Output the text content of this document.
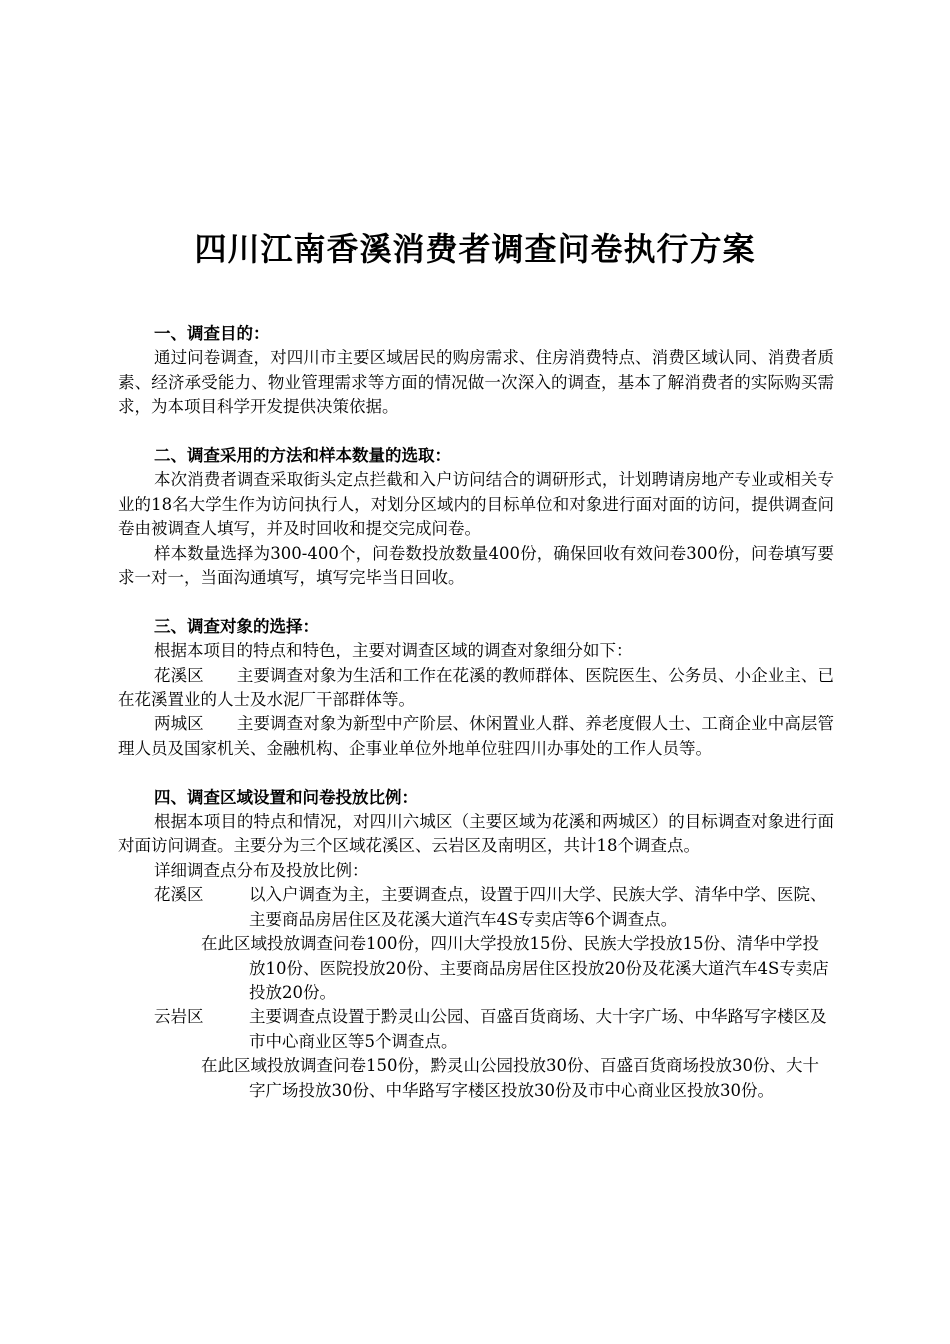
四川江南香溪消费者调查问卷执行方案

一、调查目的：

通过问卷调查，对四川市主要区域居民的购房需求、住房消费特点、消费区域认同、消费者质素、经济承受能力、物业管理需求等方面的情况做一次深入的调查，基本了解消费者的实际购买需求，为本项目科学开发提供决策依据。

二、调查采用的方法和样本数量的选取：

本次消费者调查采取街头定点拦截和入户访问结合的调研形式，计划聘请房地产专业或相关专业的18名大学生作为访问执行人，对划分区域内的目标单位和对象进行面对面的访问，提供调查问卷由被调查人填写，并及时回收和提交完成问卷。

样本数量选择为300-400个，问卷数投放数量400份，确保回收有效问卷300份，问卷填写要求一对一，当面沟通填写，填写完毕当日回收。

三、调查对象的选择：

根据本项目的特点和特色，主要对调查区域的调查对象细分如下：

花溪区   主要调查对象为生活和工作在花溪的教师群体、医院医生、公务员、小企业主、已在花溪置业的人士及水泥厂干部群体等。

两城区   主要调查对象为新型中产阶层、休闲置业人群、养老度假人士、工商企业中高层管理人员及国家机关、金融机构、企事业单位外地单位驻四川办事处的工作人员等。

四、调查区域设置和问卷投放比例：

根据本项目的特点和情况，对四川六城区（主要区域为花溪和两城区）的目标调查对象进行面对面访问调查。主要分为三个区域花溪区、云岩区及南明区，共计18个调查点。

详细调查点分布及投放比例：

花溪区	以入户调查为主，主要调查点，设置于四川大学、民族大学、清华中学、医院、主要商品房居住区及花溪大道汽车4S专卖店等6个调查点。

在此区域投放调查问卷100份，四川大学投放15份、民族大学投放15份、清华中学投放10份、医院投放20份、主要商品房居住区投放20份及花溪大道汽车4S专卖店投放20份。

云岩区	主要调查点设置于黔灵山公园、百盛百货商场、大十字广场、中华路写字楼区及市中心商业区等5个调查点。

在此区域投放调查问卷150份，黔灵山公园投放30份、百盛百货商场投放30份、大十字广场投放30份、中华路写字楼区投放30份及市中心商业区投放30份。
